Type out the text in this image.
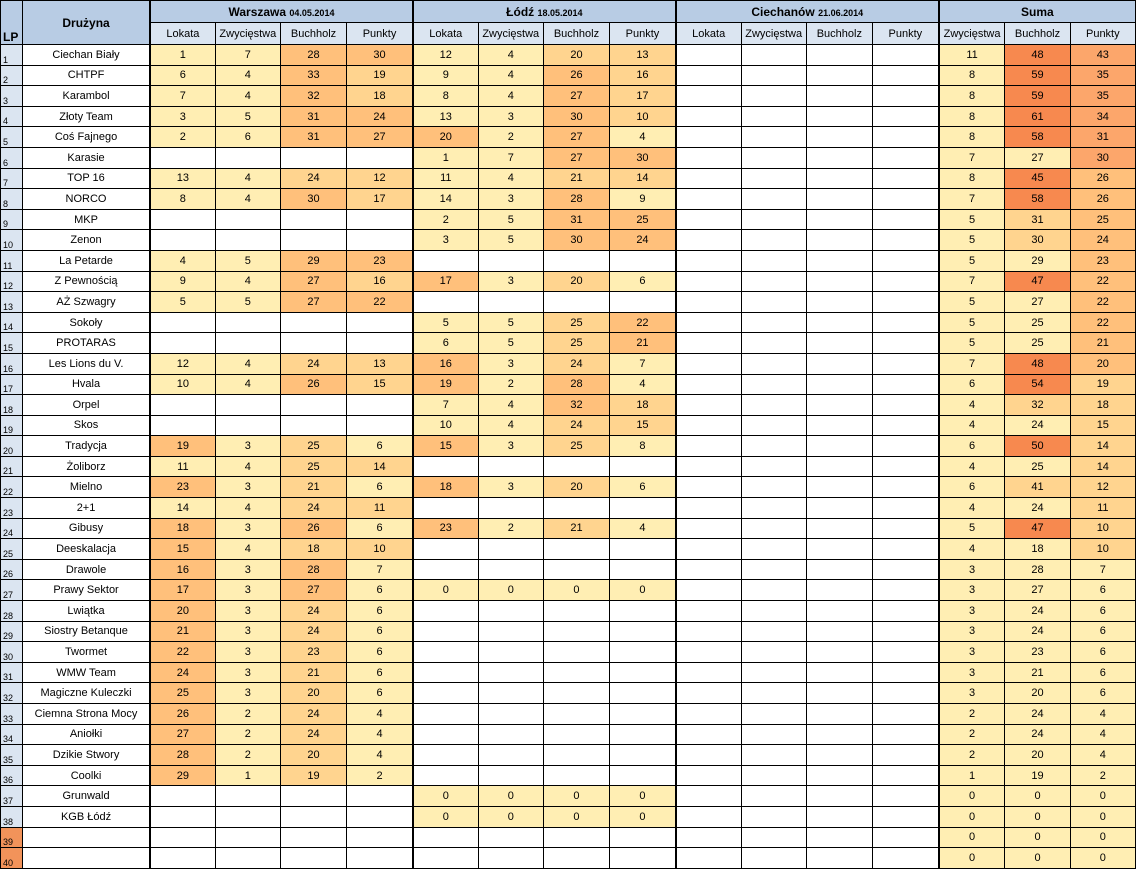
LP	Drużyna	Warszawa 04.05.2014				Łódź 18.05.2014				Ciechanów 21.06.2014				Suma		
		Lokata	Zwycięstwa	Buchholz	Punkty	Lokata	Zwycięstwa	Buchholz	Punkty	Lokata	Zwycięstwa	Buchholz	Punkty	Zwycięstwa	Buchholz	Punkty
1	Ciechan Biały	1	7	28	30	12	4	20	13					11	48	43
2	CHTPF	6	4	33	19	9	4	26	16					8	59	35
3	Karambol	7	4	32	18	8	4	27	17					8	59	35
4	Złoty Team	3	5	31	24	13	3	30	10					8	61	34
5	Coś Fajnego	2	6	31	27	20	2	27	4					8	58	31
6	Karasie					1	7	27	30					7	27	30
7	TOP 16	13	4	24	12	11	4	21	14					8	45	26
8	NORCO	8	4	30	17	14	3	28	9					7	58	26
9	MKP					2	5	31	25					5	31	25
10	Zenon					3	5	30	24					5	30	24
11	La Petarde	4	5	29	23									5	29	23
12	Z Pewnością	9	4	27	16	17	3	20	6					7	47	22
13	AŻ Szwagry	5	5	27	22									5	27	22
14	Sokoły					5	5	25	22					5	25	22
15	PROTARAS					6	5	25	21					5	25	21
16	Les Lions du V.	12	4	24	13	16	3	24	7					7	48	20
17	Hvala	10	4	26	15	19	2	28	4					6	54	19
18	Orpel					7	4	32	18					4	32	18
19	Skos					10	4	24	15					4	24	15
20	Tradycja	19	3	25	6	15	3	25	8					6	50	14
21	Żoliborz	11	4	25	14									4	25	14
22	Mielno	23	3	21	6	18	3	20	6					6	41	12
23	2+1	14	4	24	11									4	24	11
24	Gibusy	18	3	26	6	23	2	21	4					5	47	10
25	Deeskalacja	15	4	18	10									4	18	10
26	Drawole	16	3	28	7									3	28	7
27	Prawy Sektor	17	3	27	6	0	0	0	0					3	27	6
28	Lwiątka	20	3	24	6									3	24	6
29	Siostry Betanque	21	3	24	6									3	24	6
30	Twormet	22	3	23	6									3	23	6
31	WMW Team	24	3	21	6									3	21	6
32	Magiczne Kuleczki	25	3	20	6									3	20	6
33	Ciemna Strona Mocy	26	2	24	4									2	24	4
34	Aniołki	27	2	24	4									2	24	4
35	Dzikie Stwory	28	2	20	4									2	20	4
36	Coolki	29	1	19	2									1	19	2
37	Grunwald					0	0	0	0					0	0	0
38	KGB Łódź					0	0	0	0					0	0	0
39														0	0	0
40														0	0	0
